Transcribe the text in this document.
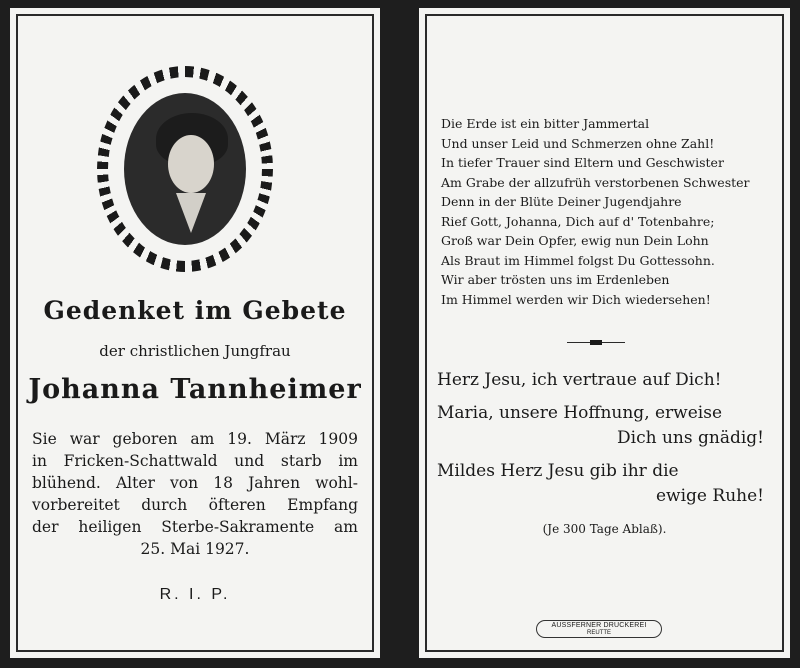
Gedenket im Gebete
der christlichen Jungfrau
Johanna Tannheimer
Sie war geboren am 19. März 1909
in Fricken-Schattwald und starb im
blühend. Alter von 18 Jahren wohl-
vorbereitet durch öfteren Empfang
der heiligen Sterbe-Sakramente am
25. Mai 1927.
R. I. P.
Die Erde ist ein bitter Jammertal
Und unser Leid und Schmerzen ohne Zahl!
In tiefer Trauer sind Eltern und Geschwister
Am Grabe der allzufrüh verstorbenen Schwester
Denn in der Blüte Deiner Jugendjahre
Rief Gott, Johanna, Dich auf d' Totenbahre;
Groß war Dein Opfer, ewig nun Dein Lohn
Als Braut im Himmel folgst Du Gottessohn.
Wir aber trösten uns im Erdenleben
Im Himmel werden wir Dich wiedersehen!
Herz Jesu, ich vertraue auf Dich!
Maria, unsere Hoffnung, erweise
Dich uns gnädig!
Mildes Herz Jesu gib ihr die
ewige Ruhe!
(Je 300 Tage Ablaß).
AUSSFERNER DRUCKEREI
REUTTE
